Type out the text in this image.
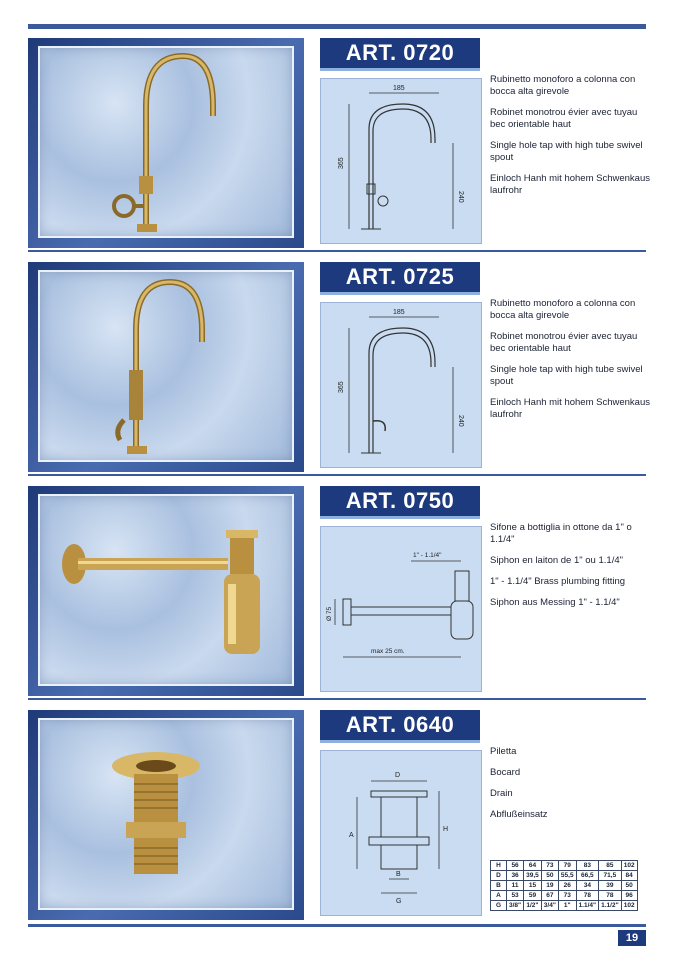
ART. 0720
185
365
240

Rubinetto monoforo a colonna con bocca alta girevole

Robinet monotrou évier avec tuyau bec orientable haut

Single hole tap with high tube swivel spout

Einloch Hanh mit hohem Schwenkaus laufrohr

ART. 0725
185
365
240

Rubinetto monoforo a colonna con bocca alta girevole

Robinet monotrou évier avec tuyau bec orientable haut

Single hole tap with high tube swivel spout

Einloch Hanh mit hohem Schwenkaus laufrohr

ART. 0750
1" - 1.1/4"
Ø 75
max 25 cm.

Sifone a bottiglia in ottone da 1" o 1.1/4"

Siphon en laiton de 1" ou 1.1/4"

1" - 1.1/4" Brass plumbing fitting

Siphon aus Messing 1" - 1.1/4"

ART. 0640
D
A
H
B
G

Piletta

Bocard

Drain

Abflußeinsatz

H	56	64	73	79	83	85	102
D	36	39,5	50	55,5	66,5	71,5	84
B	11	15	19	26	34	39	50
A	53	59	67	73	78	78	96
G	3/8"	1/2"	3/4"	1"	1.1/4"	1.1/2"	102
19
